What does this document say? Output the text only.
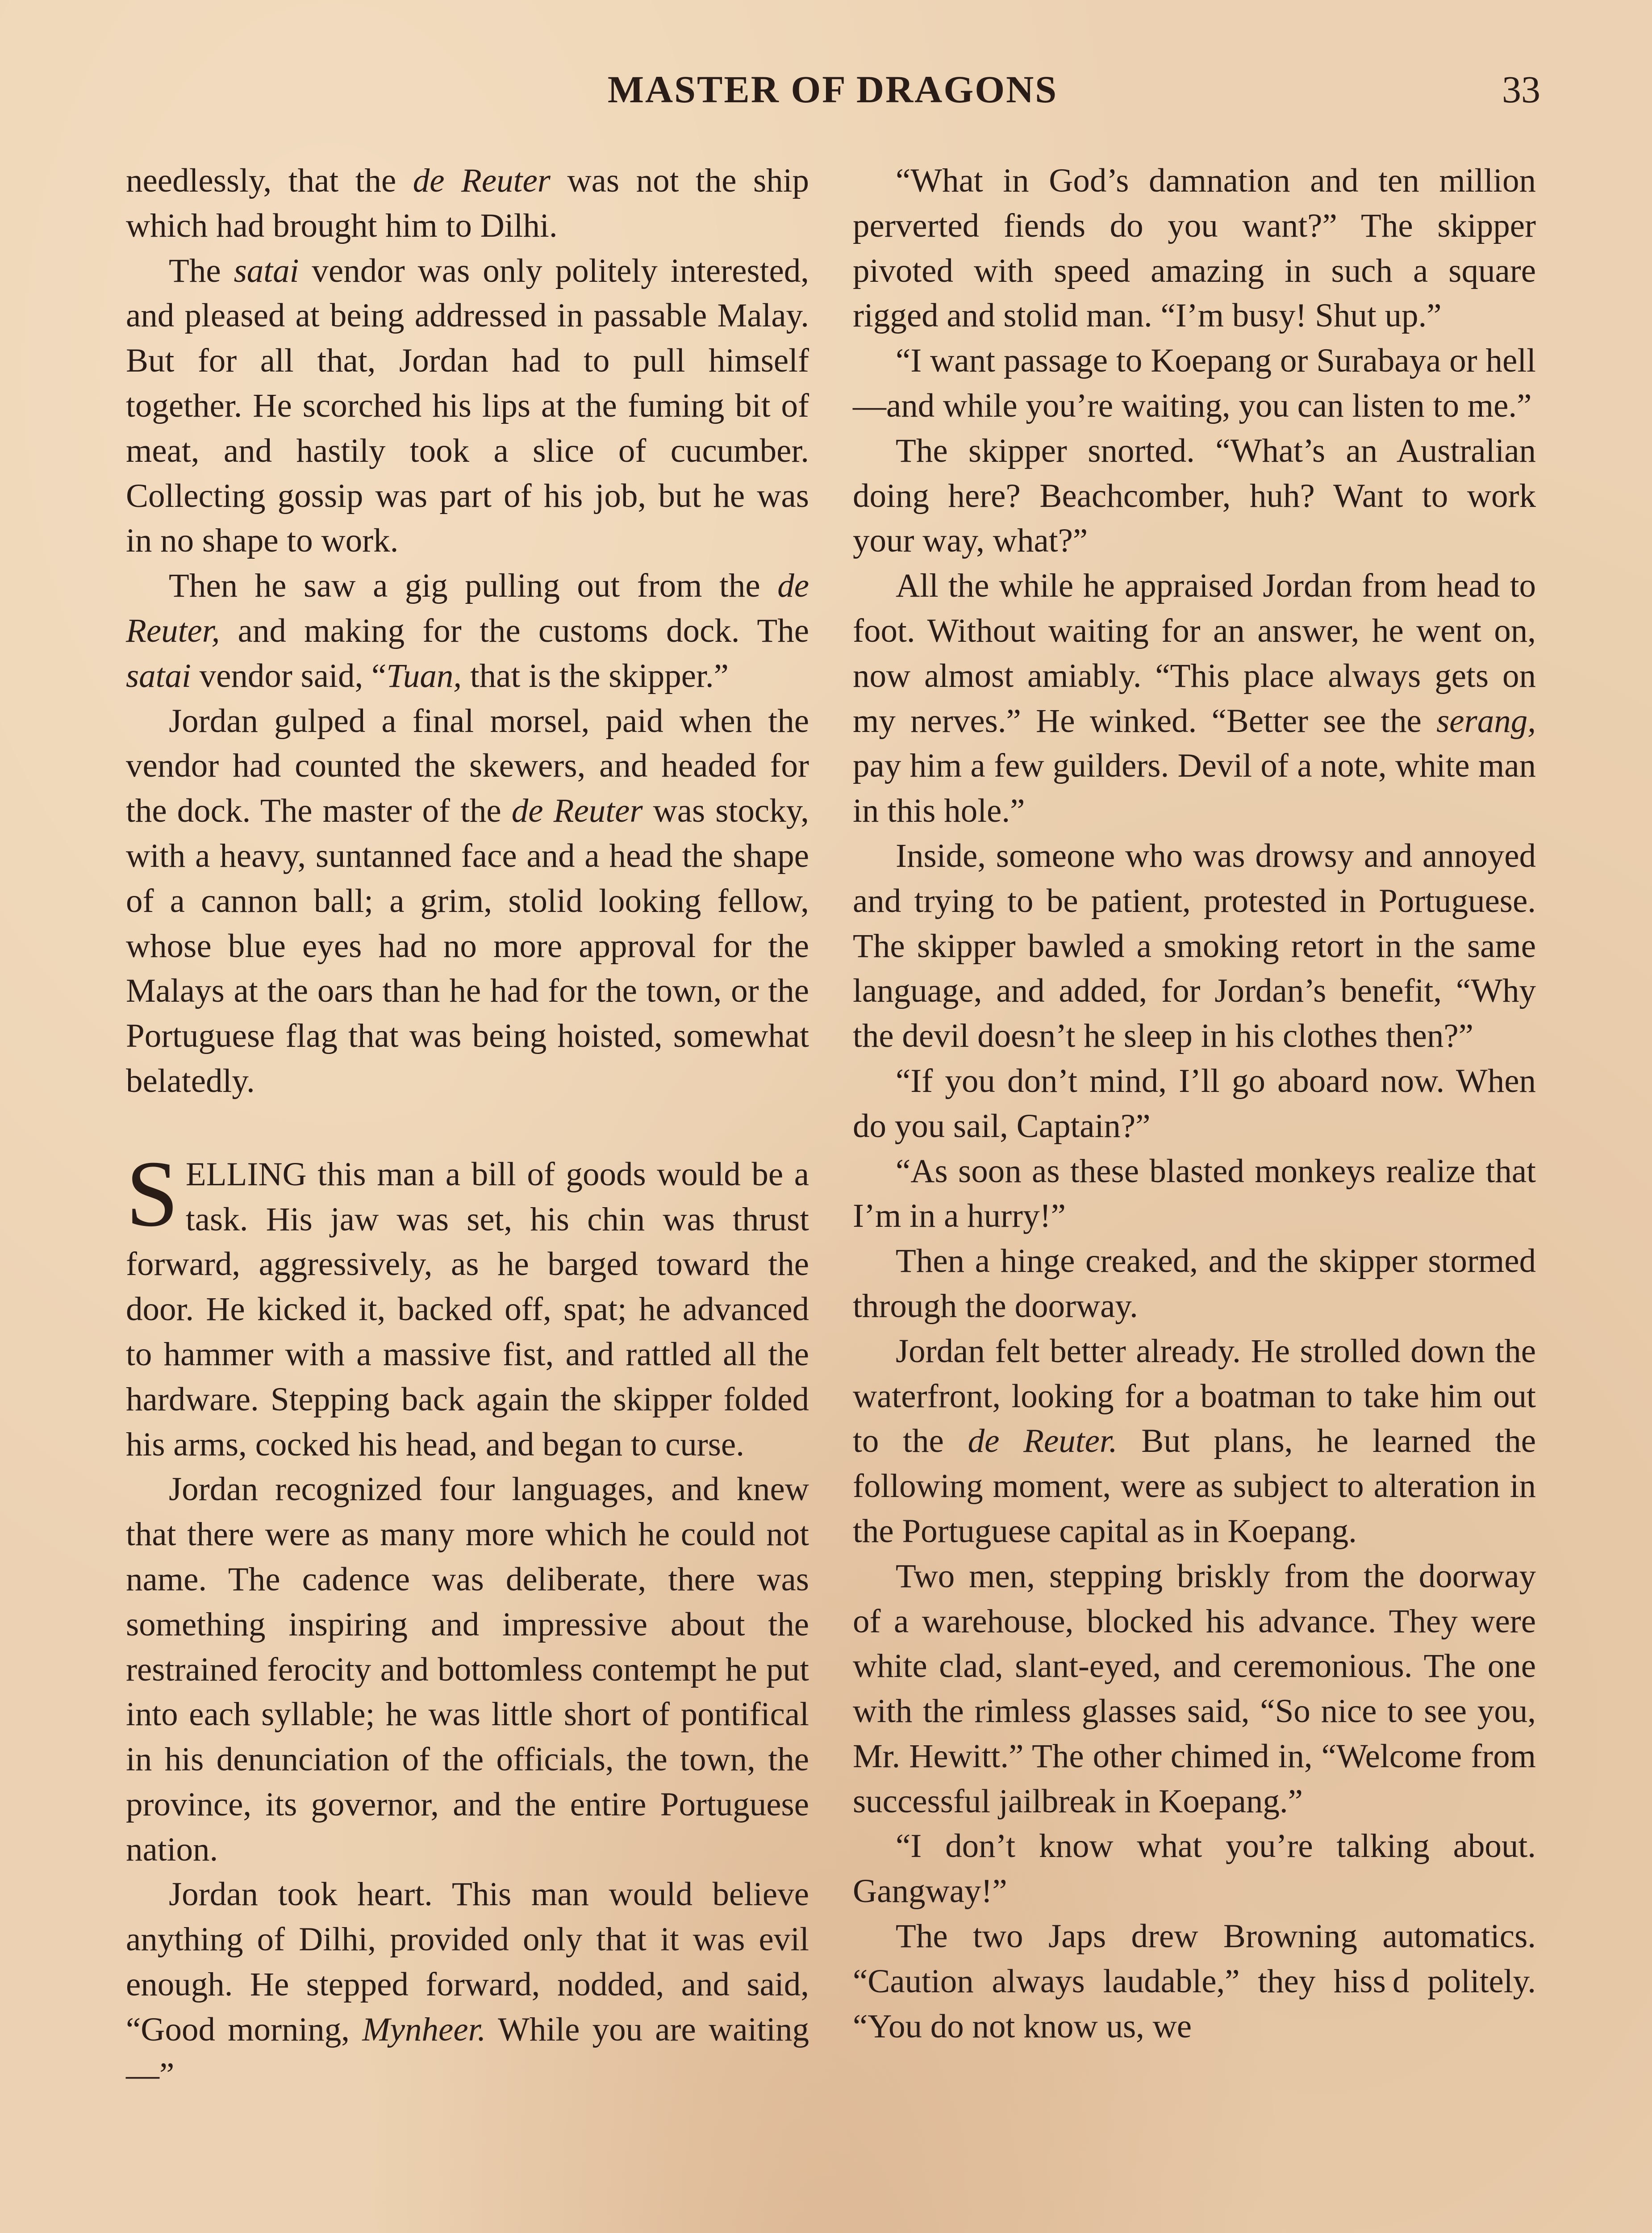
MASTER OF DRAGONS	33

needlessly, that the de Reuter was not the ship which had brought him to Dilhi.

The satai vendor was only politely interested, and pleased at being addressed in passable Malay. But for all that, Jordan had to pull himself together. He scorched his lips at the fuming bit of meat, and hastily took a slice of cucumber. Collecting gossip was part of his job, but he was in no shape to work.

Then he saw a gig pulling out from the de Reuter, and making for the customs dock. The satai vendor said, “Tuan, that is the skipper.”

Jordan gulped a final morsel, paid when the vendor had counted the skewers, and headed for the dock. The master of the de Reuter was stocky, with a heavy, suntanned face and a head the shape of a cannon ball; a grim, stolid looking fellow, whose blue eyes had no more approval for the Malays at the oars than he had for the town, or the Portuguese flag that was being hoisted, somewhat belatedly.

SELLING this man a bill of goods would be a task. His jaw was set, his chin was thrust forward, aggressively, as he barged toward the door. He kicked it, backed off, spat; he advanced to hammer with a massive fist, and rattled all the hardware. Stepping back again the skipper folded his arms, cocked his head, and began to curse.

Jordan recognized four languages, and knew that there were as many more which he could not name. The cadence was deliberate, there was something inspiring and impressive about the restrained ferocity and bottomless contempt he put into each syllable; he was little short of pontifical in his denunciation of the officials, the town, the province, its governor, and the entire Portuguese nation.

Jordan took heart. This man would believe anything of Dilhi, provided only that it was evil enough. He stepped forward, nodded, and said, “Good morning, Mynheer. While you are waiting—”

“What in God’s damnation and ten million perverted fiends do you want?” The skipper pivoted with speed amazing in such a square rigged and stolid man. “I’m busy! Shut up.”

“I want passage to Koepang or Surabaya or hell—and while you’re waiting, you can listen to me.”

The skipper snorted. “What’s an Australian doing here? Beachcomber, huh? Want to work your way, what?”

All the while he appraised Jordan from head to foot. Without waiting for an answer, he went on, now almost amiably. “This place always gets on my nerves.” He winked. “Better see the serang, pay him a few guilders. Devil of a note, white man in this hole.”

Inside, someone who was drowsy and annoyed and trying to be patient, protested in Portuguese. The skipper bawled a smoking retort in the same language, and added, for Jordan’s benefit, “Why the devil doesn’t he sleep in his clothes then?”

“If you don’t mind, I’ll go aboard now. When do you sail, Captain?”

“As soon as these blasted monkeys realize that I’m in a hurry!”

Then a hinge creaked, and the skipper stormed through the doorway.

Jordan felt better already. He strolled down the waterfront, looking for a boatman to take him out to the de Reuter. But plans, he learned the following moment, were as subject to alteration in the Portuguese capital as in Koepang.

Two men, stepping briskly from the doorway of a warehouse, blocked his advance. They were white clad, slant-eyed, and ceremonious. The one with the rimless glasses said, “So nice to see you, Mr. Hewitt.” The other chimed in, “Welcome from successful jailbreak in Koepang.”

“I don’t know what you’re talking about. Gangway!”

The two Japs drew Browning automatics. “Caution always laudable,” they hiss d politely. “You do not know us, we
